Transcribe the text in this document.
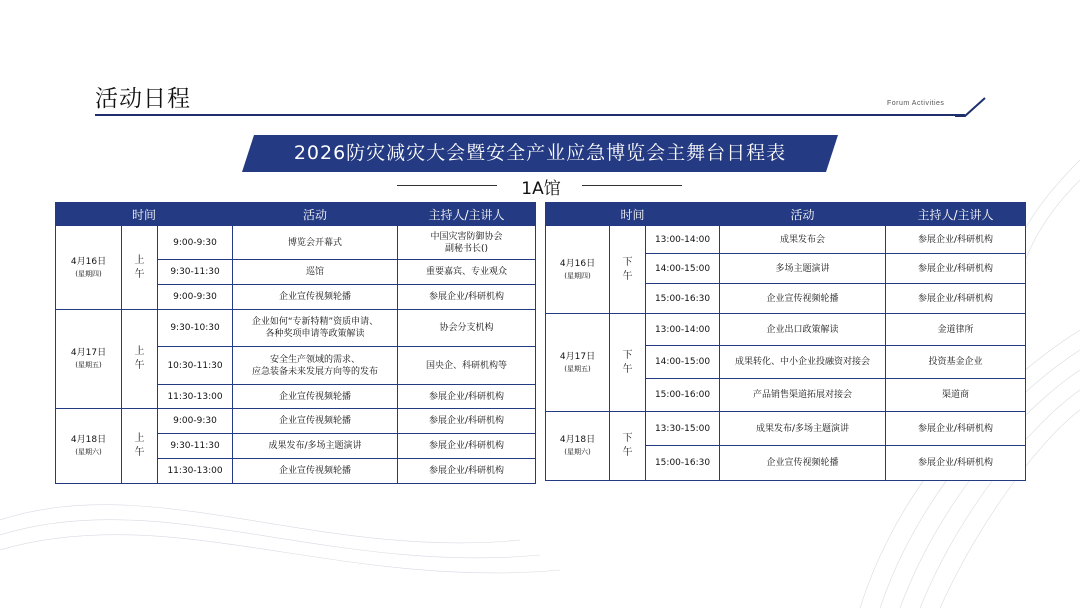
活动日程	Forum Activities
2026防灾减灾大会暨安全产业应急博览会主舞台日程表
1A馆
时间			活动	主持人/主讲人

4月16日
(星期四)	上午	9:00-9:30	博览会开幕式	中国灾害防御协会
副秘书长()

		9:30-11:30	巡馆	重要嘉宾、专业观众

		9:00-9:30	企业宣传视频轮播	参展企业/科研机构

4月17日
(星期五)	上午	9:30-10:30	企业如何“专新特精”资质申请、
各种奖项申请等政策解读	协会分支机构

		10:30-11:30	安全生产领域的需求、
应急装备未来发展方向等的发布	国央企、科研机构等

		11:30-13:00	企业宣传视频轮播	参展企业/科研机构

4月18日
(星期六)	上午	9:00-9:30	企业宣传视频轮播	参展企业/科研机构

		9:30-11:30	成果发布/多场主题演讲	参展企业/科研机构

		11:30-13:00	企业宣传视频轮播	参展企业/科研机构
时间			活动	主持人/主讲人

4月16日
(星期四)	下午	13:00-14:00	成果发布会	参展企业/科研机构

		14:00-15:00	多场主题演讲	参展企业/科研机构

		15:00-16:30	企业宣传视频轮播	参展企业/科研机构

4月17日
(星期五)	下午	13:00-14:00	企业出口政策解读	金道律所

		14:00-15:00	成果转化、中小企业投融资对接会	投资基金企业

		15:00-16:00	产品销售渠道拓展对接会	渠道商

4月18日
(星期六)	下午	13:30-15:00	成果发布/多场主题演讲	参展企业/科研机构

		15:00-16:30	企业宣传视频轮播	参展企业/科研机构
